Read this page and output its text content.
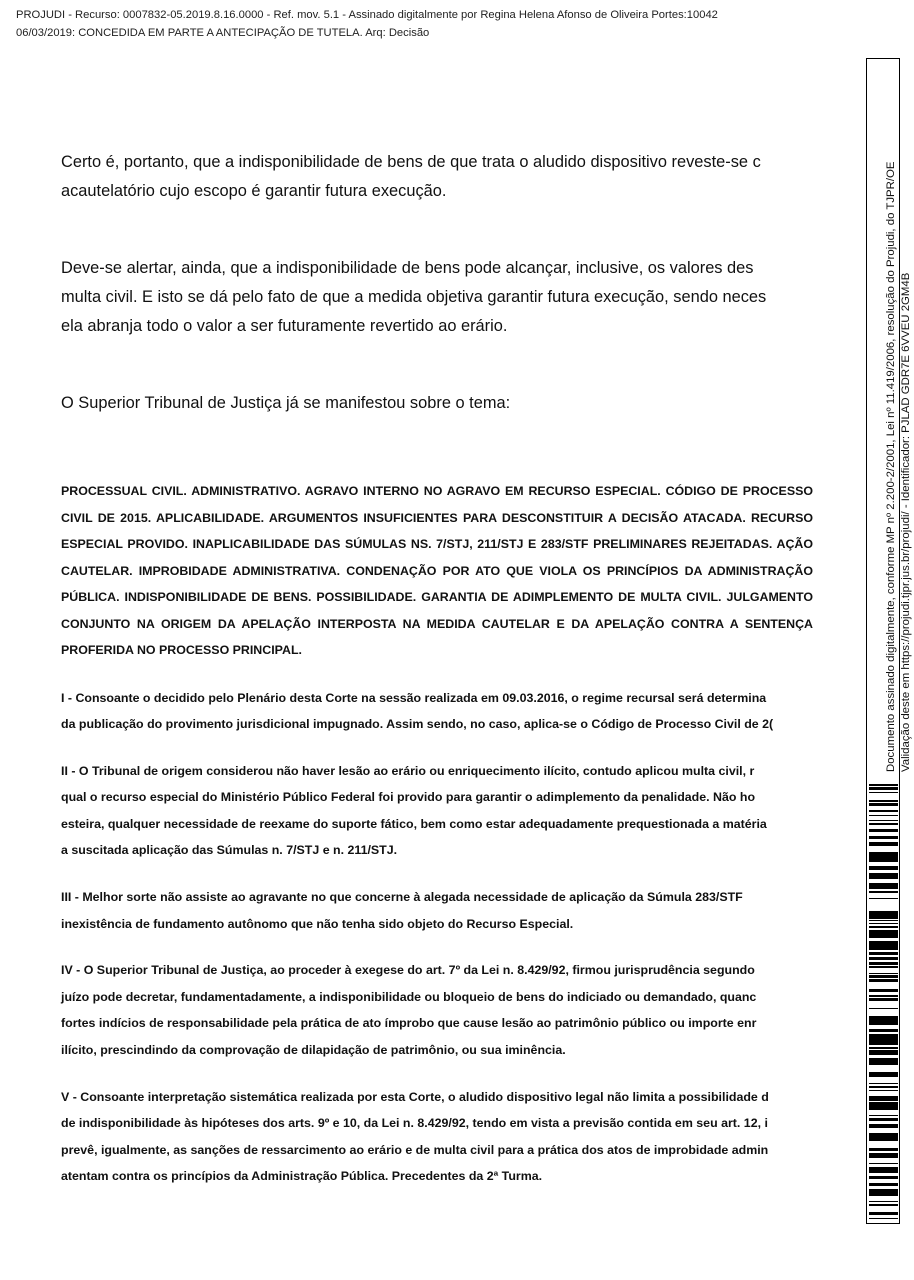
PROJUDI - Recurso: 0007832-05.2019.8.16.0000 - Ref. mov. 5.1 - Assinado digitalmente por Regina Helena Afonso de Oliveira Portes:10042
06/03/2019: CONCEDIDA EM PARTE A ANTECIPAÇÃO DE TUTELA. Arq: Decisão

Certo é, portanto, que a indisponibilidade de bens de que trata o aludido dispositivo reveste-se c
acautelatório cujo escopo é garantir futura execução.

Deve-se alertar, ainda, que a indisponibilidade de bens pode alcançar, inclusive, os valores des
multa civil. E isto se dá pelo fato de que a medida objetiva garantir futura execução, sendo neces
ela abranja todo o valor a ser futuramente revertido ao erário.

O Superior Tribunal de Justiça já se manifestou sobre o tema:

PROCESSUAL CIVIL. ADMINISTRATIVO. AGRAVO INTERNO NO AGRAVO EM RECURSO ESPECIAL. CÓDIGO DE PROCESSO CIVIL DE 2015. APLICABILIDADE. ARGUMENTOS INSUFICIENTES PARA DESCONSTITUIR A DECISÃO ATACADA. RECURSO ESPECIAL PROVIDO. INAPLICABILIDADE DAS SÚMULAS NS. 7/STJ, 211/STJ E 283/STF PRELIMINARES REJEITADAS. AÇÃO CAUTELAR. IMPROBIDADE ADMINISTRATIVA. CONDENAÇÃO POR ATO QUE VIOLA OS PRINCÍPIOS DA ADMINISTRAÇÃO PÚBLICA. INDISPONIBILIDADE DE BENS. POSSIBILIDADE. GARANTIA DE ADIMPLEMENTO DE MULTA CIVIL. JULGAMENTO CONJUNTO NA ORIGEM DA APELAÇÃO INTERPOSTA NA MEDIDA CAUTELAR E DA APELAÇÃO CONTRA A SENTENÇA PROFERIDA NO PROCESSO PRINCIPAL.

I - Consoante o decidido pelo Plenário desta Corte na sessão realizada em 09.03.2016, o regime recursal será determina
da publicação do provimento jurisdicional impugnado. Assim sendo, no caso, aplica-se o Código de Processo Civil de 2(

II - O Tribunal de origem considerou não haver lesão ao erário ou enriquecimento ilícito, contudo aplicou multa civil, r
qual o recurso especial do Ministério Público Federal foi provido para garantir o adimplemento da penalidade. Não ho
esteira, qualquer necessidade de reexame do suporte fático, bem como estar adequadamente prequestionada a matéria
a suscitada aplicação das Súmulas n. 7/STJ e n. 211/STJ.

III - Melhor sorte não assiste ao agravante no que concerne à alegada necessidade de aplicação da Súmula 283/STF
inexistência de fundamento autônomo que não tenha sido objeto do Recurso Especial.

IV - O Superior Tribunal de Justiça, ao proceder à exegese do art. 7º da Lei n. 8.429/92, firmou jurisprudência segundo
juízo pode decretar, fundamentadamente, a indisponibilidade ou bloqueio de bens do indiciado ou demandado, quanc
fortes indícios de responsabilidade pela prática de ato ímprobo que cause lesão ao patrimônio público ou importe enr
ilícito, prescindindo da comprovação de dilapidação de patrimônio, ou sua iminência.

V - Consoante interpretação sistemática realizada por esta Corte, o aludido dispositivo legal não limita a possibilidade d
de indisponibilidade às hipóteses dos arts. 9º e 10, da Lei n. 8.429/92, tendo em vista a previsão contida em seu art. 12, i
prevê, igualmente, as sanções de ressarcimento ao erário e de multa civil para a prática dos atos de improbidade admin
atentam contra os princípios da Administração Pública. Precedentes da 2ª Turma.

Documento assinado digitalmente, conforme MP nº 2.200-2/2001, Lei nº 11.419/2006, resolução do Projudi, do TJPR/OE Validação deste em https://projudi.tjpr.jus.br/projudi/ - Identificador: PJLAD GDR7E 6VVEU 2GM4B
